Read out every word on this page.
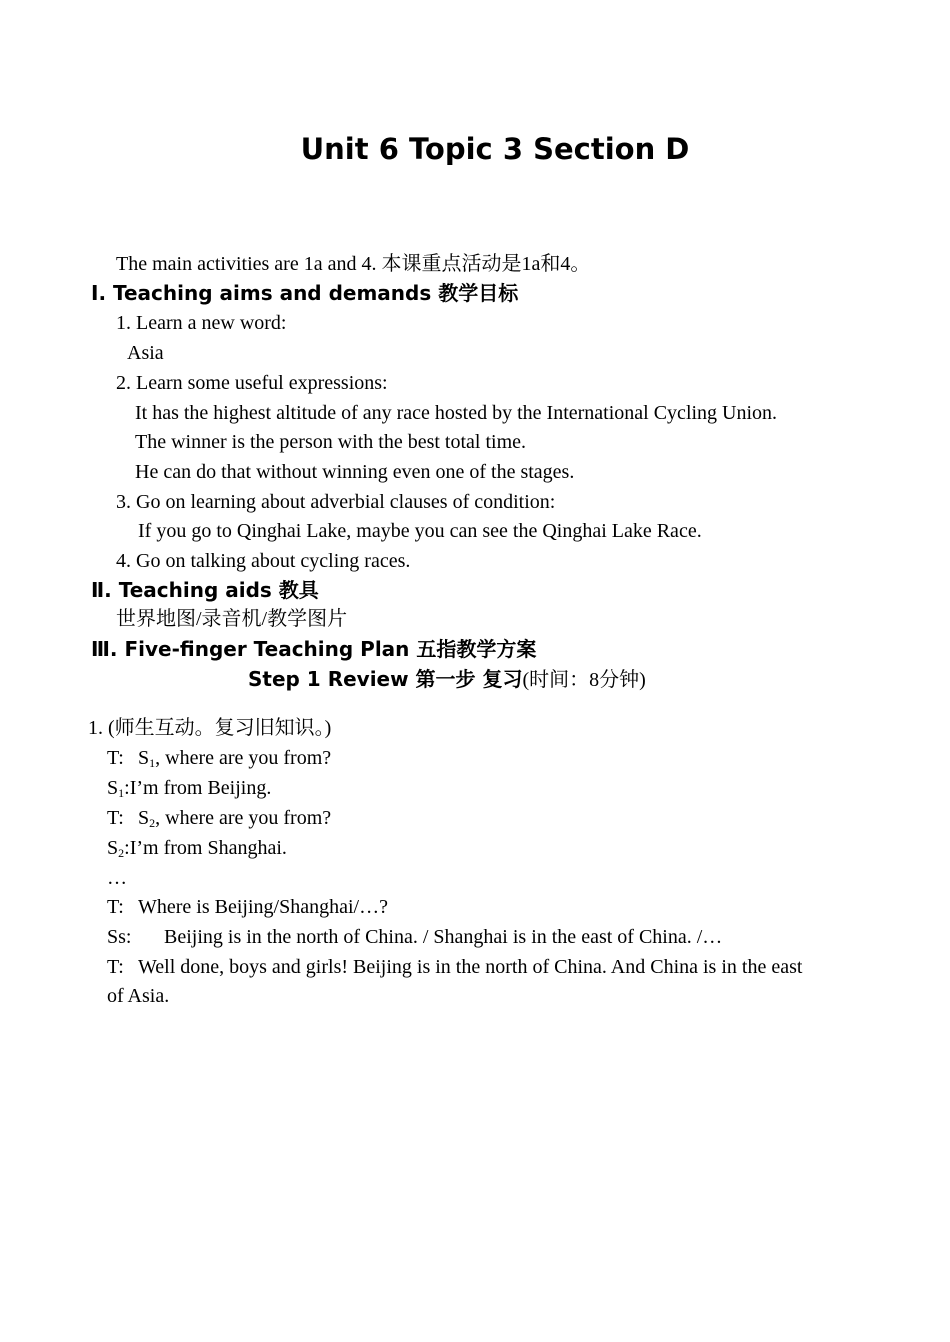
Unit 6 Topic 3 Section D
The main activities are 1a and 4. 本课重点活动是1a和4。
Ⅰ. Teaching aims and demands 教学目标
1. Learn a new word:
Asia
2. Learn some useful expressions:
It has the highest altitude of any race hosted by the International Cycling Union.
The winner is the person with the best total time.
He can do that without winning even one of the stages.
3. Go on learning about adverbial clauses of condition:
If you go to Qinghai Lake, maybe you can see the Qinghai Lake Race.
4. Go on talking about cycling races.
Ⅱ. Teaching aids 教具
世界地图/录音机/教学图片
Ⅲ. Five-finger Teaching Plan 五指教学方案
Step 1 Review 第一步 复习(时间：8分钟)
1. (师生互动。复习旧知识。)
T: $S_1$, where are you from?
$S_1:I’m$ from Beijing.
T: $S_2$, where are you from?
$S_2:I’m$ from Shanghai.
…
T: Where is Beijing/Shanghai/…?
Ss: Beijing is in the north of China. / Shanghai is in the east of China. /…
T: Well done, boys and girls! Beijing is in the north of China. And China is in the east
of Asia.
